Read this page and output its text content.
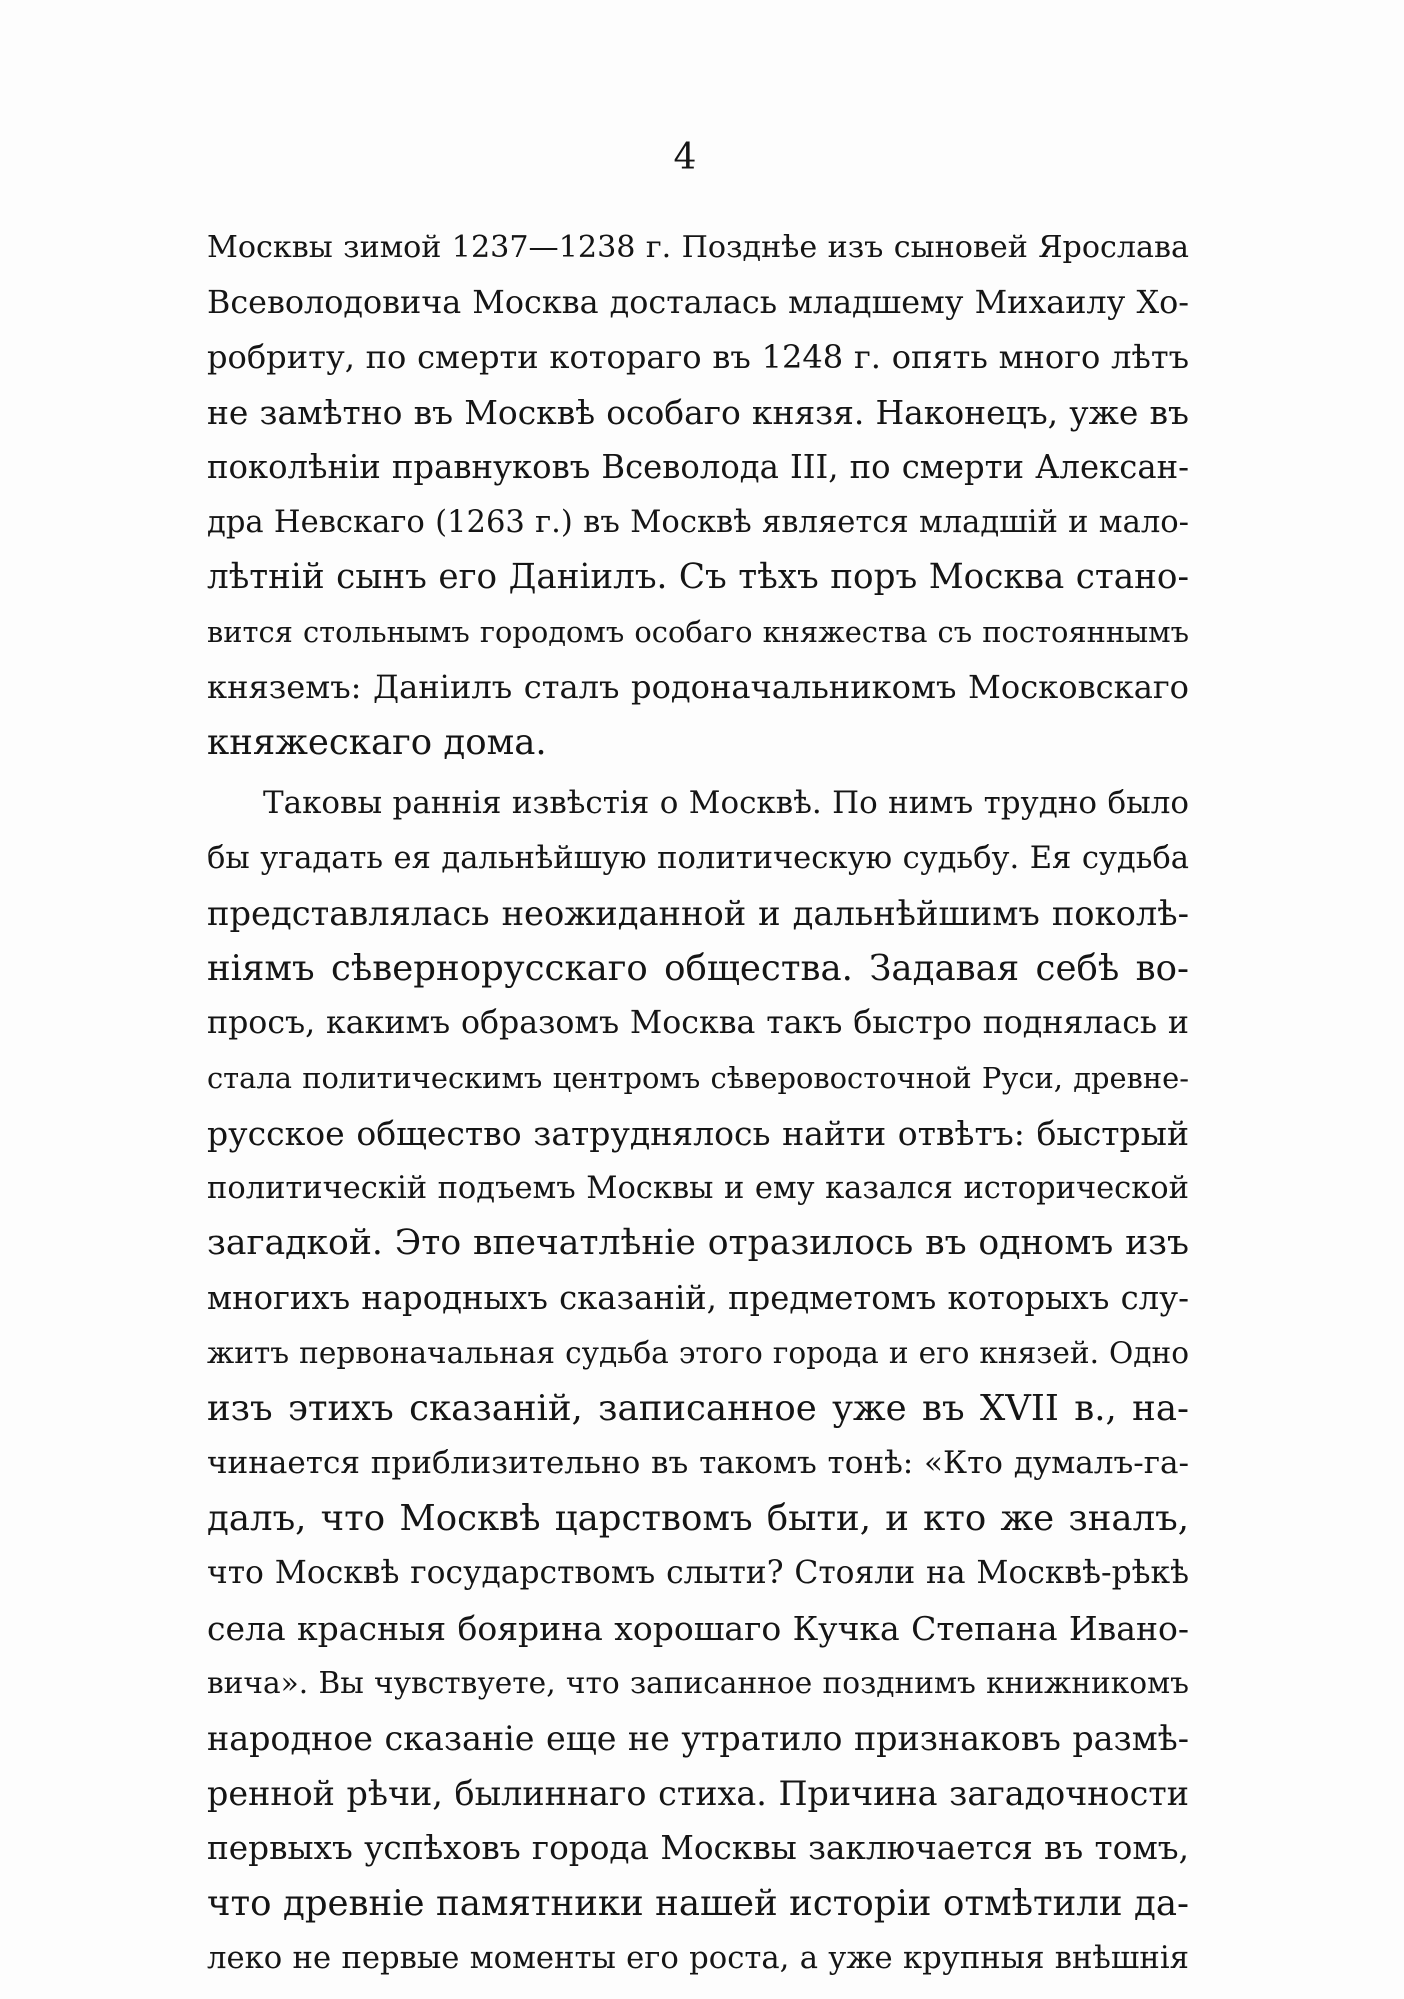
4
Москвы зимой 1237—1238 г. Позднѣе изъ сыновей Ярослава
Всеволодовича Москва досталась младшему Михаилу Хо-
робриту, по смерти котораго въ 1248 г. опять много лѣтъ
не замѣтно въ Москвѣ особаго князя. Наконецъ, уже въ
поколѣніи правнуковъ Всеволода III, по смерти Алексан-
дра Невскаго (1263 г.) въ Москвѣ является младшій и мало-
лѣтній сынъ его Даніилъ. Съ тѣхъ поръ Москва стано-
вится стольнымъ городомъ особаго княжества съ постояннымъ
княземъ: Даніилъ сталъ родоначальникомъ Московскаго
княжескаго дома.
Таковы раннія извѣстія о Москвѣ. По нимъ трудно было
бы угадать ея дальнѣйшую политическую судьбу. Ея судьба
представлялась неожиданной и дальнѣйшимъ поколѣ-
ніямъ сѣвернорусскаго общества. Задавая себѣ во-
просъ, какимъ образомъ Москва такъ быстро поднялась и
стала политическимъ центромъ сѣверовосточной Руси, древне-
русское общество затруднялось найти отвѣтъ: быстрый
политическій подъемъ Москвы и ему казался исторической
загадкой. Это впечатлѣніе отразилось въ одномъ изъ
многихъ народныхъ сказаній, предметомъ которыхъ слу-
житъ первоначальная судьба этого города и его князей. Одно
изъ этихъ сказаній, записанное уже въ XVII в., на-
чинается приблизительно въ такомъ тонѣ: «Кто думалъ-га-
далъ, что Москвѣ царствомъ быти, и кто же зналъ,
что Москвѣ государствомъ слыти? Стояли на Москвѣ-рѣкѣ
села красныя боярина хорошаго Кучка Степана Ивано-
вича». Вы чувствуете, что записанное позднимъ книжникомъ
народное сказаніе еще не утратило признаковъ размѣ-
ренной рѣчи, былиннаго стиха. Причина загадочности
первыхъ успѣховъ города Москвы заключается въ томъ,
что древніе памятники нашей исторіи отмѣтили да-
леко не первые моменты его роста, а уже крупныя внѣшнія
